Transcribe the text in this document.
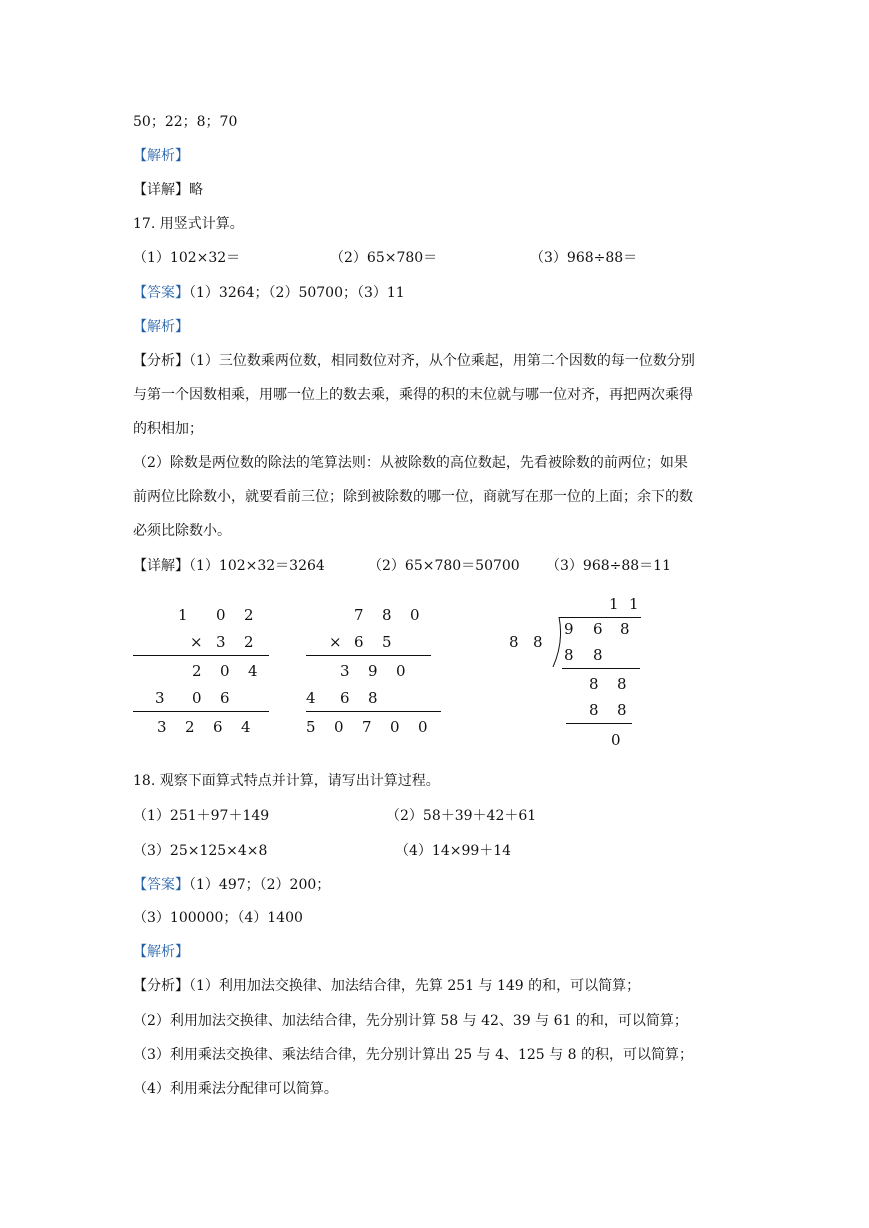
50；22；8；70
【解析】
【详解】略
17. 用竖式计算。
（1）102×32＝	（2）65×780＝	（3）968÷88＝
【答案】（1）3264；（2）50700；（3）11
【解析】
【分析】（1）三位数乘两位数，相同数位对齐，从个位乘起，用第二个因数的每一位数分别
与第一个因数相乘，用哪一位上的数去乘，乘得的积的末位就与哪一位对齐，再把两次乘得
的积相加；
（2）除数是两位数的除法的笔算法则：从被除数的高位数起，先看被除数的前两位；如果
前两位比除数小，就要看前三位；除到被除数的哪一位，商就写在那一位的上面；余下的数
必须比除数小。
【详解】（1）102×32＝3264	（2）65×780＝50700 （3）968÷88＝11
1 0 2
× 3 2
2 0 4
3 0 6
3 2 6 4
7 8 0
× 6 5
3 9 0
4 6 8
5 0 7 0 0
1 1
8 8
9 6 8
8 8
8 8
8 8
0
18. 观察下面算式特点并计算，请写出计算过程。
（1）251＋97＋149	（2）58＋39＋42＋61
（3）25×125×4×8	（4）14×99＋14
【答案】（1）497；（2）200；
（3）100000；（4）1400
【解析】
【分析】（1）利用加法交换律、加法结合律，先算 251 与 149 的和，可以简算；
（2）利用加法交换律、加法结合律，先分别计算 58 与 42、39 与 61 的和，可以简算；
（3）利用乘法交换律、乘法结合律，先分别计算出 25 与 4、125 与 8 的积，可以简算；
（4）利用乘法分配律可以简算。
